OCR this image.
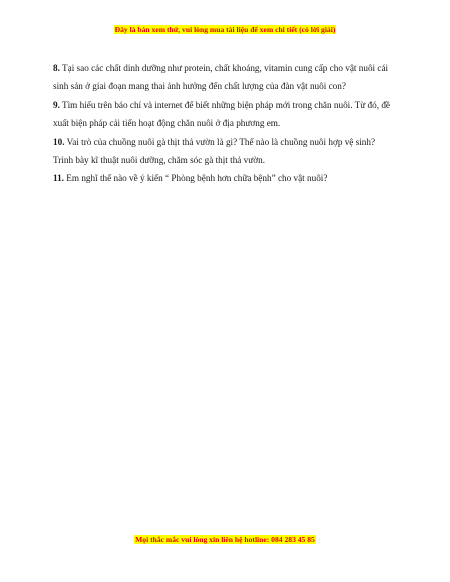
Đây là bản xem thử, vui lòng mua tài liệu để xem chi tiết (có lời giải)

8. Tại sao các chất dinh dưỡng như protein, chất khoáng, vitamin cung cấp cho vật nuôi cái sinh sản ở giai đoạn mang thai ảnh hưởng đến chất lượng của đàn vật nuôi con?

9. Tìm hiểu trên báo chí và internet để biết những biện pháp mới trong chăn nuôi. Từ đó, đề xuất biện pháp cải tiến hoạt động chăn nuôi ở địa phương em.

10. Vai trò của chuồng nuôi gà thịt thả vườn là gì? Thế nào là chuồng nuôi hợp vệ sinh?

Trình bày kĩ thuật nuôi dưỡng, chăm sóc gà thịt thả vườn.

11. Em nghĩ thế nào về ý kiến “ Phòng bệnh hơn chữa bệnh” cho vật nuôi?

Mọi thắc mắc vui lòng xin liên hệ hotline: 084 283 45 85
